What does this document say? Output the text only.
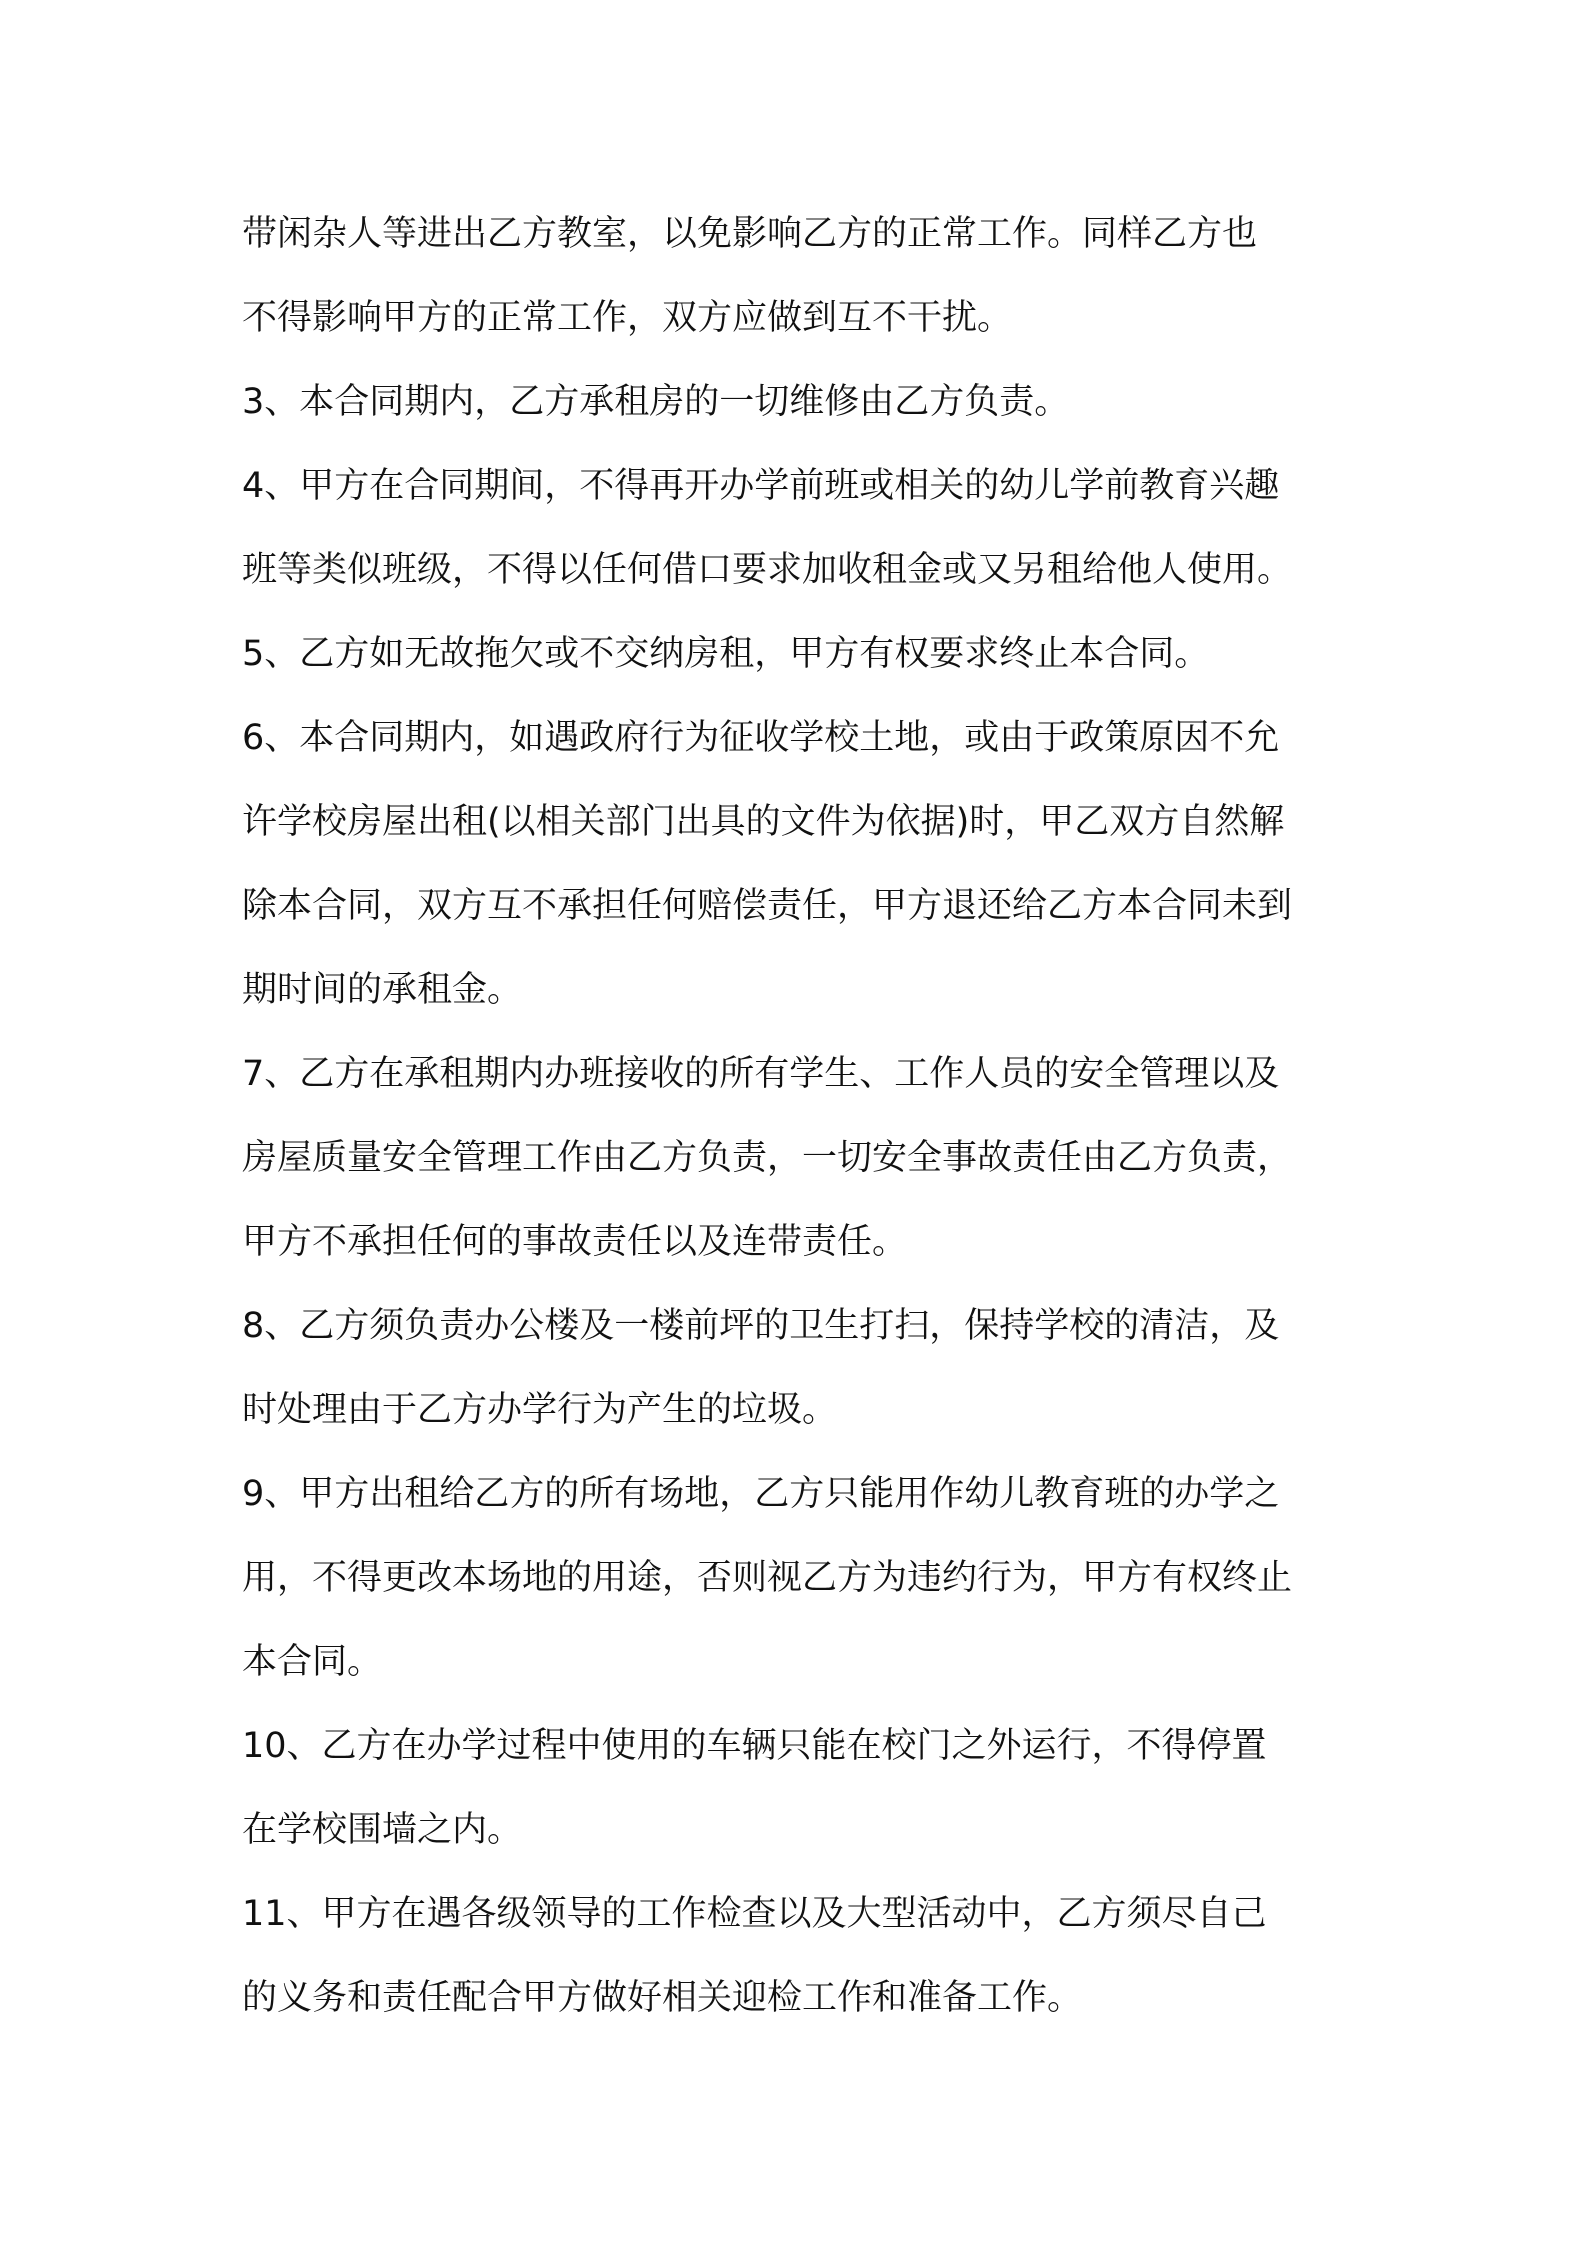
带闲杂人等进出乙方教室，以免影响乙方的正常工作。同样乙方也
不得影响甲方的正常工作，双方应做到互不干扰。
3、本合同期内，乙方承租房的一切维修由乙方负责。
4、甲方在合同期间，不得再开办学前班或相关的幼儿学前教育兴趣
班等类似班级，不得以任何借口要求加收租金或又另租给他人使用。
5、乙方如无故拖欠或不交纳房租，甲方有权要求终止本合同。
6、本合同期内，如遇政府行为征收学校土地，或由于政策原因不允
许学校房屋出租(以相关部门出具的文件为依据)时，甲乙双方自然解
除本合同，双方互不承担任何赔偿责任，甲方退还给乙方本合同未到
期时间的承租金。
7、乙方在承租期内办班接收的所有学生、工作人员的安全管理以及
房屋质量安全管理工作由乙方负责，一切安全事故责任由乙方负责，
甲方不承担任何的事故责任以及连带责任。
8、乙方须负责办公楼及一楼前坪的卫生打扫，保持学校的清洁，及
时处理由于乙方办学行为产生的垃圾。
9、甲方出租给乙方的所有场地，乙方只能用作幼儿教育班的办学之
用，不得更改本场地的用途，否则视乙方为违约行为，甲方有权终止
本合同。
10、乙方在办学过程中使用的车辆只能在校门之外运行，不得停置
在学校围墙之内。
11、甲方在遇各级领导的工作检查以及大型活动中，乙方须尽自己
的义务和责任配合甲方做好相关迎检工作和准备工作。
